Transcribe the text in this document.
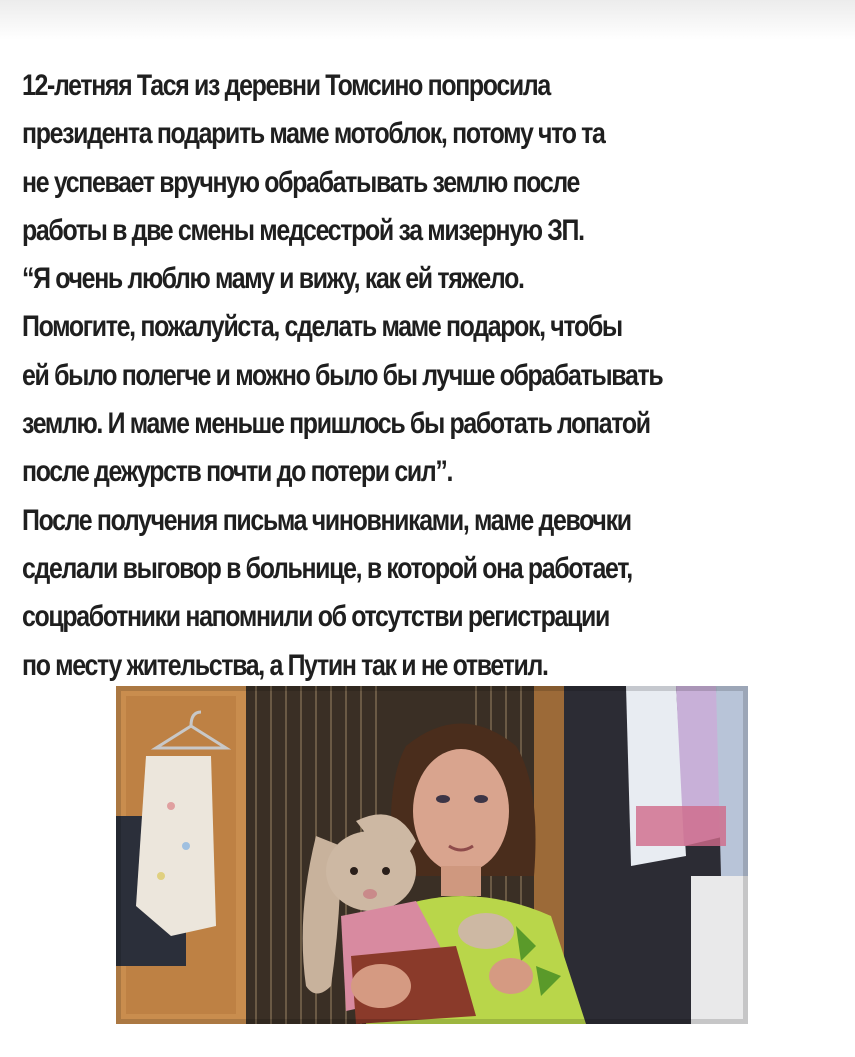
12-летняя Тася из деревни Томсино попросила
президента подарить маме мотоблок, потому что та
не успевает вручную обрабатывать землю после
работы в две смены медсестрой за мизерную ЗП.
“Я очень люблю маму и вижу, как ей тяжело.
Помогите, пожалуйста, сделать маме подарок, чтобы
ей было полегче и можно было бы лучше обрабатывать
землю. И маме меньше пришлось бы работать лопатой
после дежурств почти до потери сил”.
После получения письма чиновниками, маме девочки
сделали выговор в больнице, в которой она работает,
соцработники напомнили об отсутстви регистрации
по месту жительства, а Путин так и не ответил.
